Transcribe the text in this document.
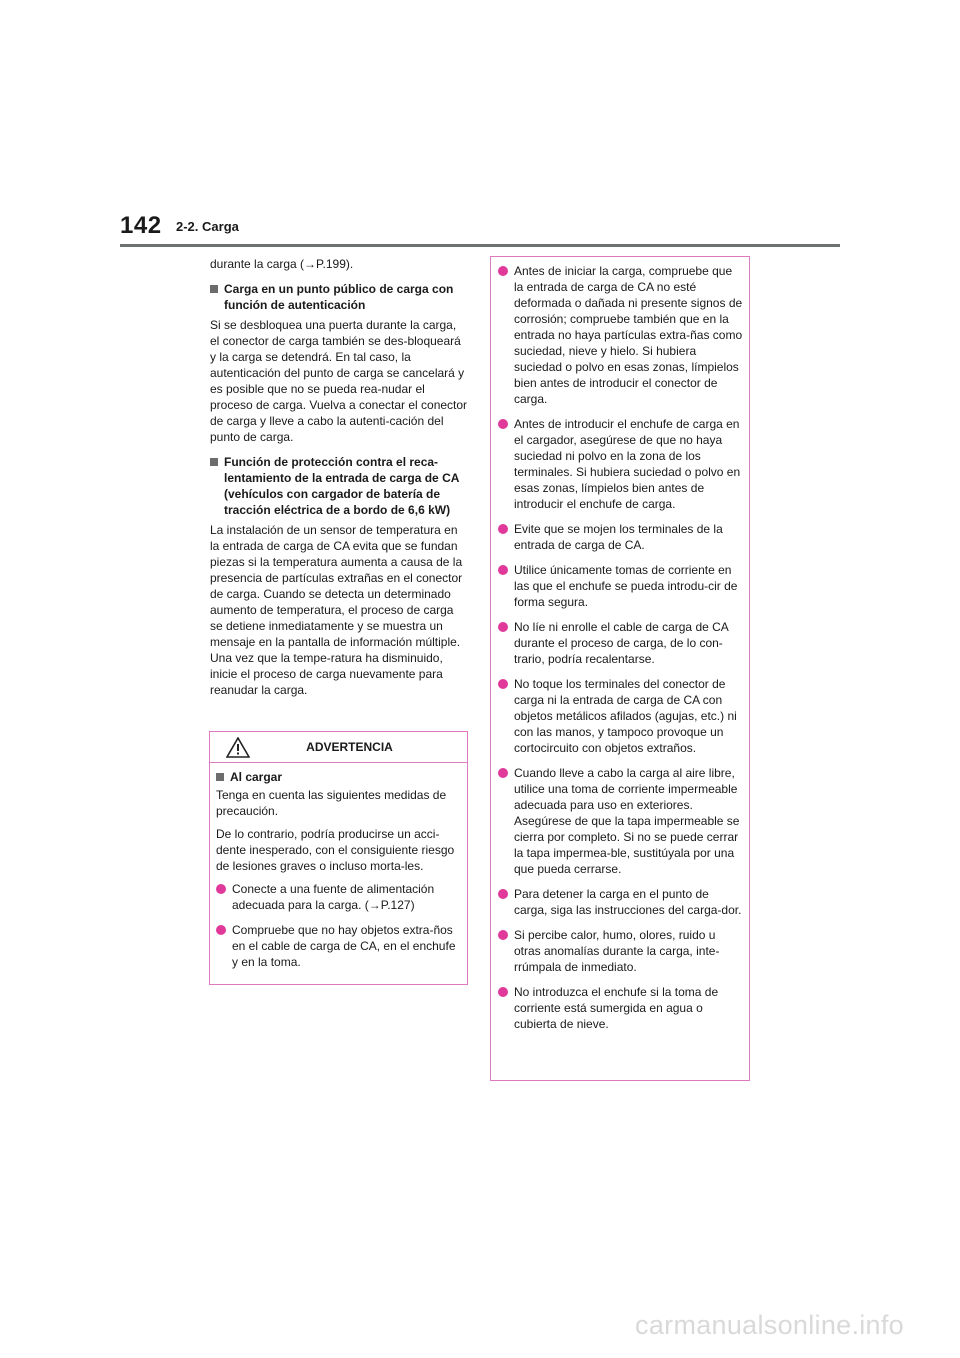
142 2-2. Carga

durante la carga (→P.199).

Carga en un punto público de carga con función de autenticación

Si se desbloquea una puerta durante la carga, el conector de carga también se des-bloqueará y la carga se detendrá. En tal caso, la autenticación del punto de carga se cancelará y es posible que no se pueda rea-nudar el proceso de carga. Vuelva a conectar el conector de carga y lleve a cabo la autenti-cación del punto de carga.

Función de protección contra el reca-lentamiento de la entrada de carga de CA (vehículos con cargador de batería de tracción eléctrica de a bordo de 6,6 kW)

La instalación de un sensor de temperatura en la entrada de carga de CA evita que se fundan piezas si la temperatura aumenta a causa de la presencia de partículas extrañas en el conector de carga. Cuando se detecta un determinado aumento de temperatura, el proceso de carga se detiene inmediatamente y se muestra un mensaje en la pantalla de información múltiple. Una vez que la tempe-ratura ha disminuido, inicie el proceso de carga nuevamente para reanudar la carga.

ADVERTENCIA
Al cargar

Tenga en cuenta las siguientes medidas de precaución.

De lo contrario, podría producirse un acci-dente inesperado, con el consiguiente riesgo de lesiones graves o incluso morta-les.

Conecte a una fuente de alimentación adecuada para la carga. (→P.127)
Compruebe que no hay objetos extra-ños en el cable de carga de CA, en el enchufe y en la toma.
Antes de iniciar la carga, compruebe que la entrada de carga de CA no esté deformada o dañada ni presente signos de corrosión; compruebe también que en la entrada no haya partículas extra-ñas como suciedad, nieve y hielo. Si hubiera suciedad o polvo en esas zonas, límpielos bien antes de introducir el conector de carga.
Antes de introducir el enchufe de carga en el cargador, asegúrese de que no haya suciedad ni polvo en la zona de los terminales. Si hubiera suciedad o polvo en esas zonas, límpielos bien antes de introducir el enchufe de carga.
Evite que se mojen los terminales de la entrada de carga de CA.
Utilice únicamente tomas de corriente en las que el enchufe se pueda introdu-cir de forma segura.
No líe ni enrolle el cable de carga de CA durante el proceso de carga, de lo con-trario, podría recalentarse.
No toque los terminales del conector de carga ni la entrada de carga de CA con objetos metálicos afilados (agujas, etc.) ni con las manos, y tampoco provoque un cortocircuito con objetos extraños.
Cuando lleve a cabo la carga al aire libre, utilice una toma de corriente impermeable adecuada para uso en exteriores. Asegúrese de que la tapa impermeable se cierra por completo. Si no se puede cerrar la tapa impermea-ble, sustitúyala por una que pueda cerrarse.
Para detener la carga en el punto de carga, siga las instrucciones del carga-dor.
Si percibe calor, humo, olores, ruido u otras anomalías durante la carga, inte-rrúmpala de inmediato.
No introduzca el enchufe si la toma de corriente está sumergida en agua o cubierta de nieve.
carmanualsonline.info
